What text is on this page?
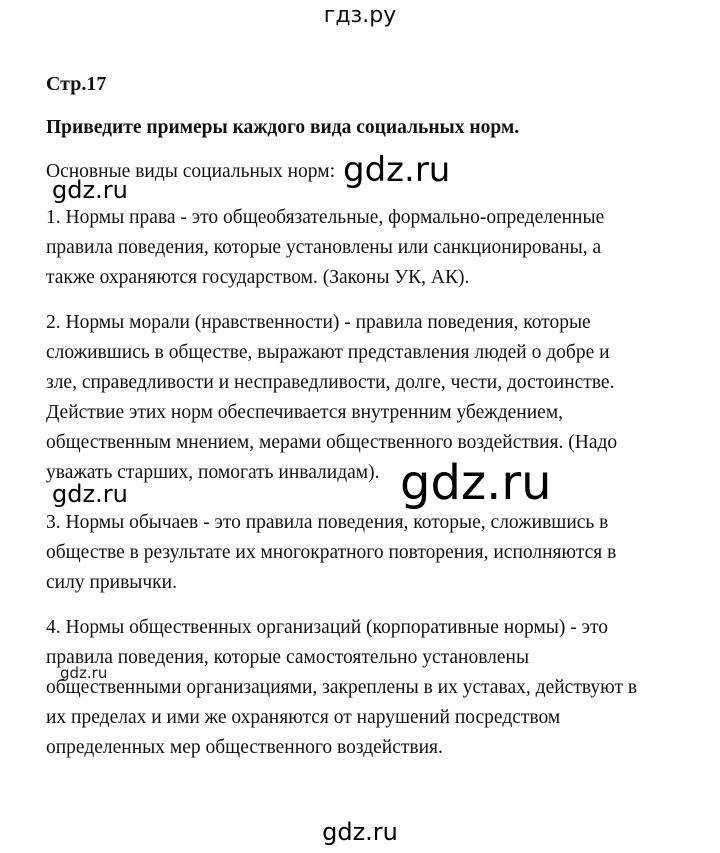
гдз.ру
Стр.17
Приведите примеры каждого вида социальных норм.
Основные виды социальных норм:
1. Нормы права - это общеобязательные, формально-определенные
правила поведения, которые установлены или санкционированы, а
также охраняются государством. (Законы УК, АК).
2. Нормы морали (нравственности) - правила поведения, которые
сложившись в обществе, выражают представления людей о добре и
зле, справедливости и несправедливости, долге, чести, достоинстве.
Действие этих норм обеспечивается внутренним убеждением,
общественным мнением, мерами общественного воздействия. (Надо
уважать старших, помогать инвалидам).
3. Нормы обычаев - это правила поведения, которые, сложившись в
обществе в результате их многократного повторения, исполняются в
силу привычки.
4. Нормы общественных организаций (корпоративные нормы) - это
правила поведения, которые самостоятельно установлены
общественными организациями, закреплены в их уставах, действуют в
их пределах и ими же охраняются от нарушений посредством
определенных мер общественного воздействия.
gdz.ru
gdz.ru
gdz.ru
gdz.ru
gdz.ru
gdz.ru
